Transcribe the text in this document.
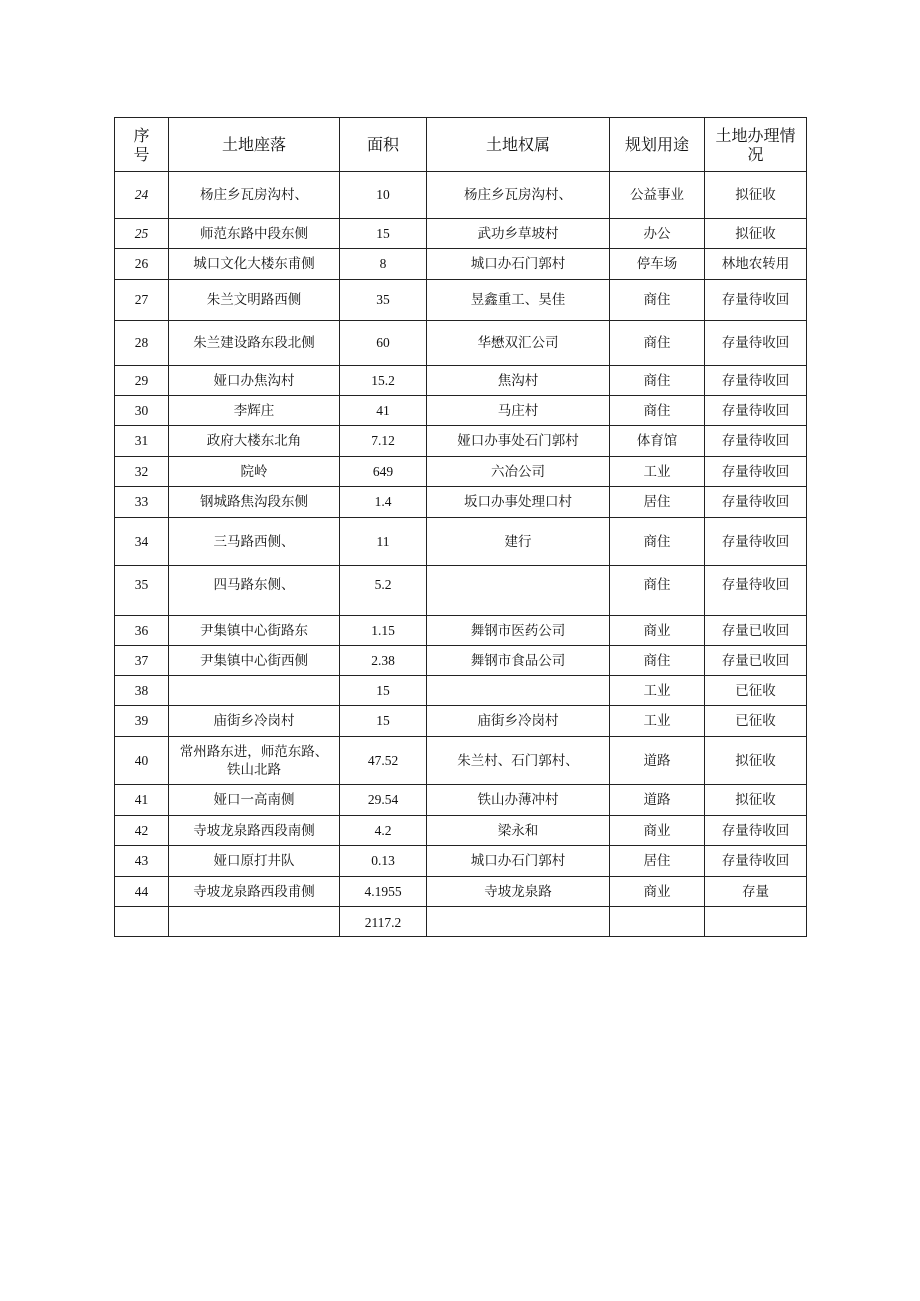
序
号	土地座落	面积	土地权属	规划用途	土地办理情
况

24	杨庄乡瓦房沟村、	10	杨庄乡瓦房沟村、	公益事业	拟征收
25	师范东路中段东侧	15	武功乡草坡村	办公	拟征收
26	城口文化大楼东甫侧	8	城口办石门郭村	停车场	林地农转用
27	朱兰文明路西侧	35	昱鑫重工、昊佳	商住	存量待收回
28	朱兰建设路东段北侧	60	华懋双汇公司	商住	存量待收回
29	娅口办焦沟村	15.2	焦沟村	商住	存量待收回
30	李辉庄	41	马庄村	商住	存量待收回
31	政府大楼东北角	7.12	娅口办事处石门郭村	体育馆	存量待收回
32	院岭	649	六冶公司	工业	存量待收回
33	钢城路焦沟段东侧	1.4	坂口办事处理口村	居住	存量待收回
34	三马路西侧、	11	建行	商住	存量待收回
35	四马路东侧、	5.2		商住	存量待收回
36	尹集镇中心街路东	1.15	舞钢市医药公司	商业	存量已收回
37	尹集镇中心街西侧	2.38	舞钢市食品公司	商住	存量已收回
38		15		工业	已征收
39	庙街乡冷岗村	15	庙街乡冷岗村	工业	已征收
40	常州路东进，师范东路、
铁山北路	47.52	朱兰村、石门郭村、	道路	拟征收
41	娅口一高南侧	29.54	铁山办薄冲村	道路	拟征收
42	寺坡龙泉路西段南侧	4.2	梁永和	商业	存量待收回
43	娅口原打井队	0.13	城口办石门郭村	居住	存量待收回
44	寺坡龙泉路西段甫侧	4.1955	寺坡龙泉路	商业	存量
		2117.2			
